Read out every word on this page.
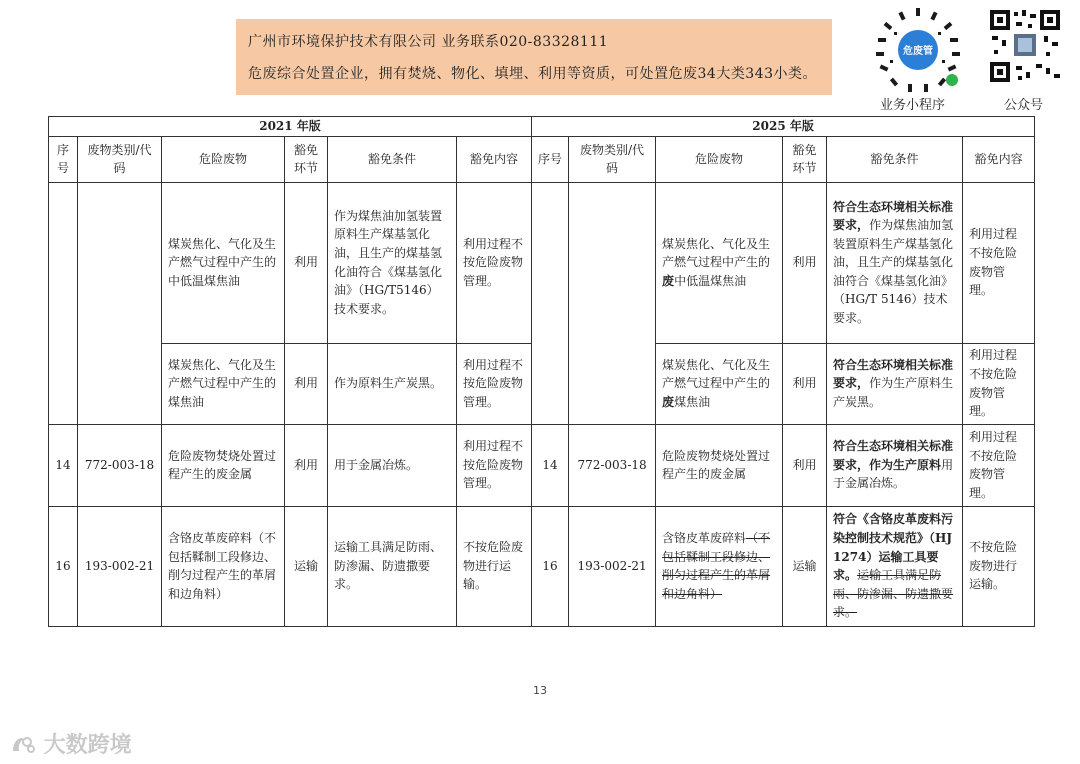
广州市环境保护技术有限公司 业务联系020-83328111
危废综合处置企业，拥有焚烧、物化、填埋、利用等资质，可处置危废34大类343小类。
危废管
业务小程序	公众号
2021 年版						2025 年版					
序号	废物类别/代码	危险废物	豁免环节	豁免条件	豁免内容	序号	废物类别/代码	危险废物	豁免环节	豁免条件	豁免内容
		煤炭焦化、气化及生产燃气过程中产生的中低温煤焦油	利用	作为煤焦油加氢装置原料生产煤基氢化油，且生产的煤基氢化油符合《煤基氢化油》（HG/T5146）技术要求。	利用过程不按危险废物管理。			煤炭焦化、气化及生产燃气过程中产生的废中低温煤焦油	利用	符合生态环境相关标准要求，作为煤焦油加氢装置原料生产煤基氢化油，且生产的煤基氢化油符合《煤基氢化油》（HG/T 5146）技术要求。	利用过程不按危险废物管理。
		煤炭焦化、气化及生产燃气过程中产生的煤焦油	利用	作为原料生产炭黑。	利用过程不按危险废物管理。			煤炭焦化、气化及生产燃气过程中产生的废煤焦油	利用	符合生态环境相关标准要求，作为生产原料生产炭黑。	利用过程不按危险废物管理。
14	772-003-18	危险废物焚烧处置过程产生的废金属	利用	用于金属冶炼。	利用过程不按危险废物管理。	14	772-003-18	危险废物焚烧处置过程产生的废金属	利用	符合生态环境相关标准要求，作为生产原料用于金属冶炼。	利用过程不按危险废物管理。
16	193-002-21	含铬皮革废碎料（不包括鞣制工段修边、削匀过程产生的革屑和边角料）	运输	运输工具满足防雨、防渗漏、防遗撒要求。	不按危险废物进行运输。	16	193-002-21	含铬皮革废碎料（不包括鞣制工段修边、削匀过程产生的革屑和边角料）	运输	符合《含铬皮革废料污染控制技术规范》（HJ 1274）运输工具要求。运输工具满足防雨、防渗漏、防遗撒要求。	不按危险废物进行运输。
13
大数跨境
